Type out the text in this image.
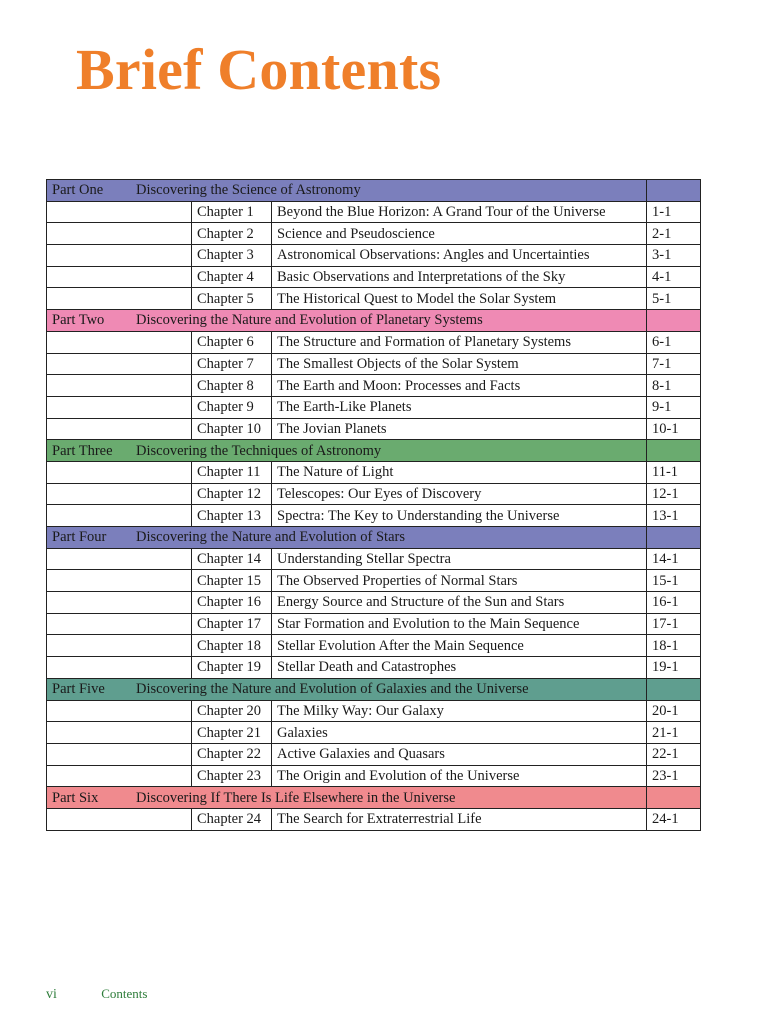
Brief Contents
Part One Discovering the Science of Astronomy			
	Chapter 1	Beyond the Blue Horizon: A Grand Tour of the Universe	1-1
	Chapter 2	Science and Pseudoscience	2-1
	Chapter 3	Astronomical Observations: Angles and Uncertainties	3-1
	Chapter 4	Basic Observations and Interpretations of the Sky	4-1
	Chapter 5	The Historical Quest to Model the Solar System	5-1
Part Two Discovering the Nature and Evolution of Planetary Systems			
	Chapter 6	The Structure and Formation of Planetary Systems	6-1
	Chapter 7	The Smallest Objects of the Solar System	7-1
	Chapter 8	The Earth and Moon: Processes and Facts	8-1
	Chapter 9	The Earth-Like Planets	9-1
	Chapter 10	The Jovian Planets	10-1
Part Three Discovering the Techniques of Astronomy			
	Chapter 11	The Nature of Light	11-1
	Chapter 12	Telescopes: Our Eyes of Discovery	12-1
	Chapter 13	Spectra: The Key to Understanding the Universe	13-1
Part Four Discovering the Nature and Evolution of Stars			
	Chapter 14	Understanding Stellar Spectra	14-1
	Chapter 15	The Observed Properties of Normal Stars	15-1
	Chapter 16	Energy Source and Structure of the Sun and Stars	16-1
	Chapter 17	Star Formation and Evolution to the Main Sequence	17-1
	Chapter 18	Stellar Evolution After the Main Sequence	18-1
	Chapter 19	Stellar Death and Catastrophes	19-1
Part Five Discovering the Nature and Evolution of Galaxies and the Universe			
	Chapter 20	The Milky Way: Our Galaxy	20-1
	Chapter 21	Galaxies	21-1
	Chapter 22	Active Galaxies and Quasars	22-1
	Chapter 23	The Origin and Evolution of the Universe	23-1
Part Six Discovering If There Is Life Elsewhere in the Universe			
	Chapter 24	The Search for Extraterrestrial Life	24-1
vi	Contents
